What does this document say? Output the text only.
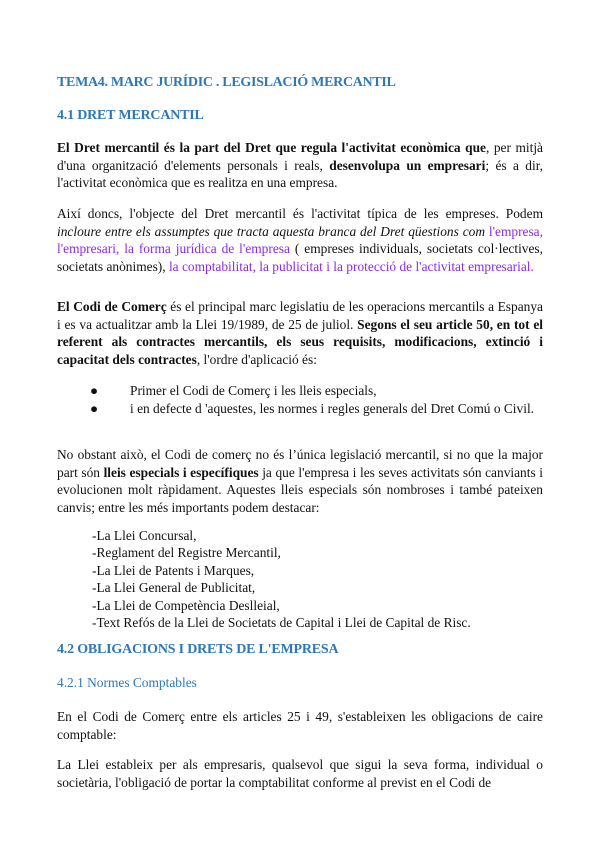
TEMA4. MARC JURÍDIC . LEGISLACIÓ MERCANTIL
4.1 DRET MERCANTIL
El Dret mercantil és la part del Dret que regula l'activitat econòmica que, per mitjà d'una organització d'elements personals i reals, desenvolupa un empresari; és a dir, l'activitat econòmica que es realitza en una empresa.
Així doncs, l'objecte del Dret mercantil és l'activitat típica de les empreses. Podem incloure entre els assumptes que tracta aquesta branca del Dret qüestions com l'empresa, l'empresari, la forma jurídica de l'empresa ( empreses individuals, societats col·lectives, societats anònimes), la comptabilitat, la publicitat i la protecció de l'activitat empresarial.
El Codi de Comerç és el principal marc legislatiu de les operacions mercantils a Espanya i es va actualitzar amb la Llei 19/1989, de 25 de juliol. Segons el seu article 50, en tot el referent als contractes mercantils, els seus requisits, modificacions, extinció i capacitat dels contractes, l'ordre d'aplicació és:
● Primer el Codi de Comerç i les lleis especials,
● i en defecte d 'aquestes, les normes i regles generals del Dret Comú o Civil.
No obstant això, el Codi de comerç no és l’única legislació mercantil, si no que la major part són lleis especials i específiques ja que l'empresa i les seves activitats són canviants i evolucionen molt ràpidament. Aquestes lleis especials són nombroses i també pateixen canvis; entre les més importants podem destacar:
-La Llei Concursal,
-Reglament del Registre Mercantil,
-La Llei de Patents i Marques,
-La Llei General de Publicitat,
-La Llei de Competència Deslleial,
-Text Refós de la Llei de Societats de Capital i Llei de Capital de Risc.
4.2 OBLIGACIONS I DRETS DE L'EMPRESA
4.2.1 Normes Comptables
En el Codi de Comerç entre els articles 25 i 49, s'estableixen les obligacions de caire comptable:
La Llei estableix per als empresaris, qualsevol que sigui la seva forma, individual o societària, l'obligació de portar la comptabilitat conforme al previst en el Codi de
